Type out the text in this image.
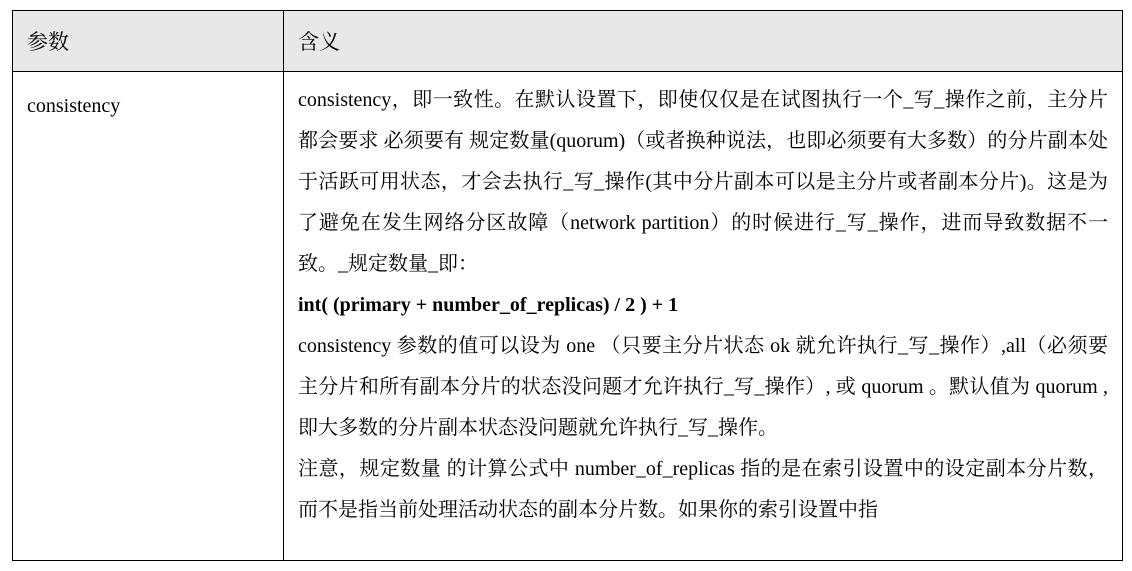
参数	含义

consistency	consistency，即一致性。在默认设置下，即使仅仅是在试图执行一个_写_操作之前，主分片都会要求 必须要有 规定数量(quorum)（或者换种说法，也即必须要有大多数）的分片副本处于活跃可用状态，才会去执行_写_操作(其中分片副本可以是主分片或者副本分片)。这是为了避免在发生网络分区故障（network partition）的时候进行_写_操作，进而导致数据不一致。_规定数量_即：

int( (primary + number_of_replicas) / 2 ) + 1

consistency 参数的值可以设为 one （只要主分片状态 ok 就允许执行_写_操作）,all（必须要主分片和所有副本分片的状态没问题才允许执行_写_操作）, 或 quorum 。默认值为 quorum , 即大多数的分片副本状态没问题就允许执行_写_操作。

注意，规定数量 的计算公式中 number_of_replicas 指的是在索引设置中的设定副本分片数，而不是指当前处理活动状态的副本分片数。如果你的索引设置中指
